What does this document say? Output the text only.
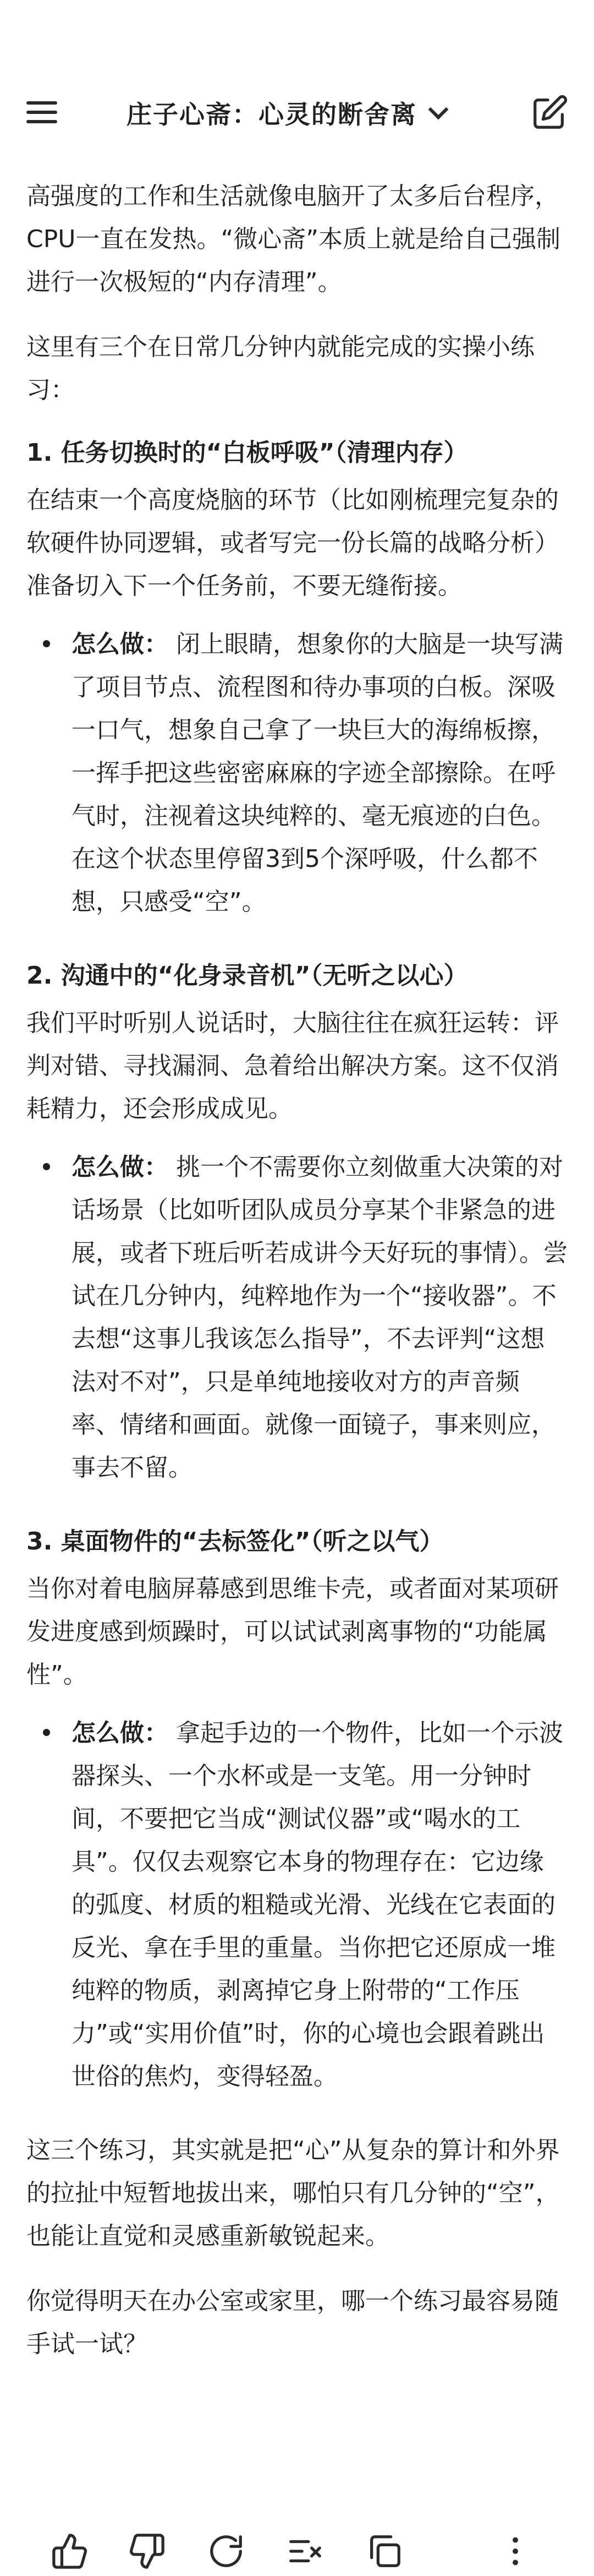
庄子心斋：心灵的断舍离

高强度的工作和生活就像电脑开了太多后台程序，CPU一直在发热。“微心斋”本质上就是给自己强制进行一次极短的“内存清理”。

这里有三个在日常几分钟内就能完成的实操小练习：

1. 任务切换时的“白板呼吸”（清理内存）

在结束一个高度烧脑的环节（比如刚梳理完复杂的软硬件协同逻辑，或者写完一份长篇的战略分析）准备切入下一个任务前，不要无缝衔接。

怎么做： 闭上眼睛，想象你的大脑是一块写满了项目节点、流程图和待办事项的白板。深吸一口气，想象自己拿了一块巨大的海绵板擦，一挥手把这些密密麻麻的字迹全部擦除。在呼气时，注视着这块纯粹的、毫无痕迹的白色。在这个状态里停留3到5个深呼吸，什么都不想，只感受“空”。
2. 沟通中的“化身录音机”（无听之以心）

我们平时听别人说话时，大脑往往在疯狂运转：评判对错、寻找漏洞、急着给出解决方案。这不仅消耗精力，还会形成成见。

怎么做： 挑一个不需要你立刻做重大决策的对话场景（比如听团队成员分享某个非紧急的进展，或者下班后听若成讲今天好玩的事情）。尝试在几分钟内，纯粹地作为一个“接收器”。不去想“这事儿我该怎么指导”，不去评判“这想法对不对”，只是单纯地接收对方的声音频率、情绪和画面。就像一面镜子，事来则应，事去不留。
3. 桌面物件的“去标签化”（听之以气）

当你对着电脑屏幕感到思维卡壳，或者面对某项研发进度感到烦躁时，可以试试剥离事物的“功能属性”。

怎么做： 拿起手边的一个物件，比如一个示波器探头、一个水杯或是一支笔。用一分钟时间，不要把它当成“测试仪器”或“喝水的工具”。仅仅去观察它本身的物理存在：它边缘的弧度、材质的粗糙或光滑、光线在它表面的反光、拿在手里的重量。当你把它还原成一堆纯粹的物质，剥离掉它身上附带的“工作压力”或“实用价值”时，你的心境也会跟着跳出世俗的焦灼，变得轻盈。

这三个练习，其实就是把“心”从复杂的算计和外界的拉扯中短暂地拔出来，哪怕只有几分钟的“空”，也能让直觉和灵感重新敏锐起来。

你觉得明天在办公室或家里，哪一个练习最容易随手试一试？
